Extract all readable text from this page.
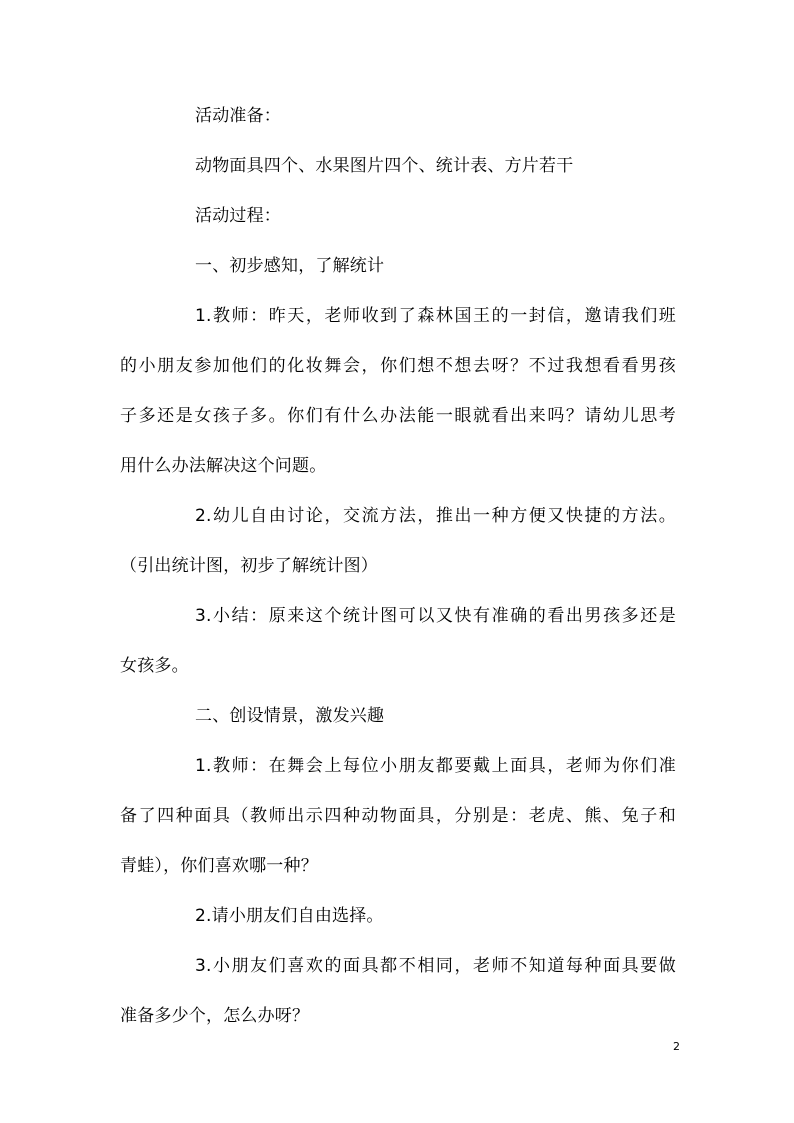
活动准备：
动物面具四个、水果图片四个、统计表、方片若干
活动过程：
一、初步感知，了解统计
1.教师：昨天，老师收到了森林国王的一封信，邀请我们班
的小朋友参加他们的化妆舞会，你们想不想去呀？不过我想看看男孩
子多还是女孩子多。你们有什么办法能一眼就看出来吗？请幼儿思考
用什么办法解决这个问题。
2.幼儿自由讨论，交流方法，推出一种方便又快捷的方法。
（引出统计图，初步了解统计图）
3.小结：原来这个统计图可以又快有准确的看出男孩多还是
女孩多。
二、创设情景，激发兴趣
1.教师：在舞会上每位小朋友都要戴上面具，老师为你们准
备了四种面具（教师出示四种动物面具，分别是：老虎、熊、兔子和
青蛙），你们喜欢哪一种？
2.请小朋友们自由选择。
3.小朋友们喜欢的面具都不相同，老师不知道每种面具要做
准备多少个，怎么办呀？
2
